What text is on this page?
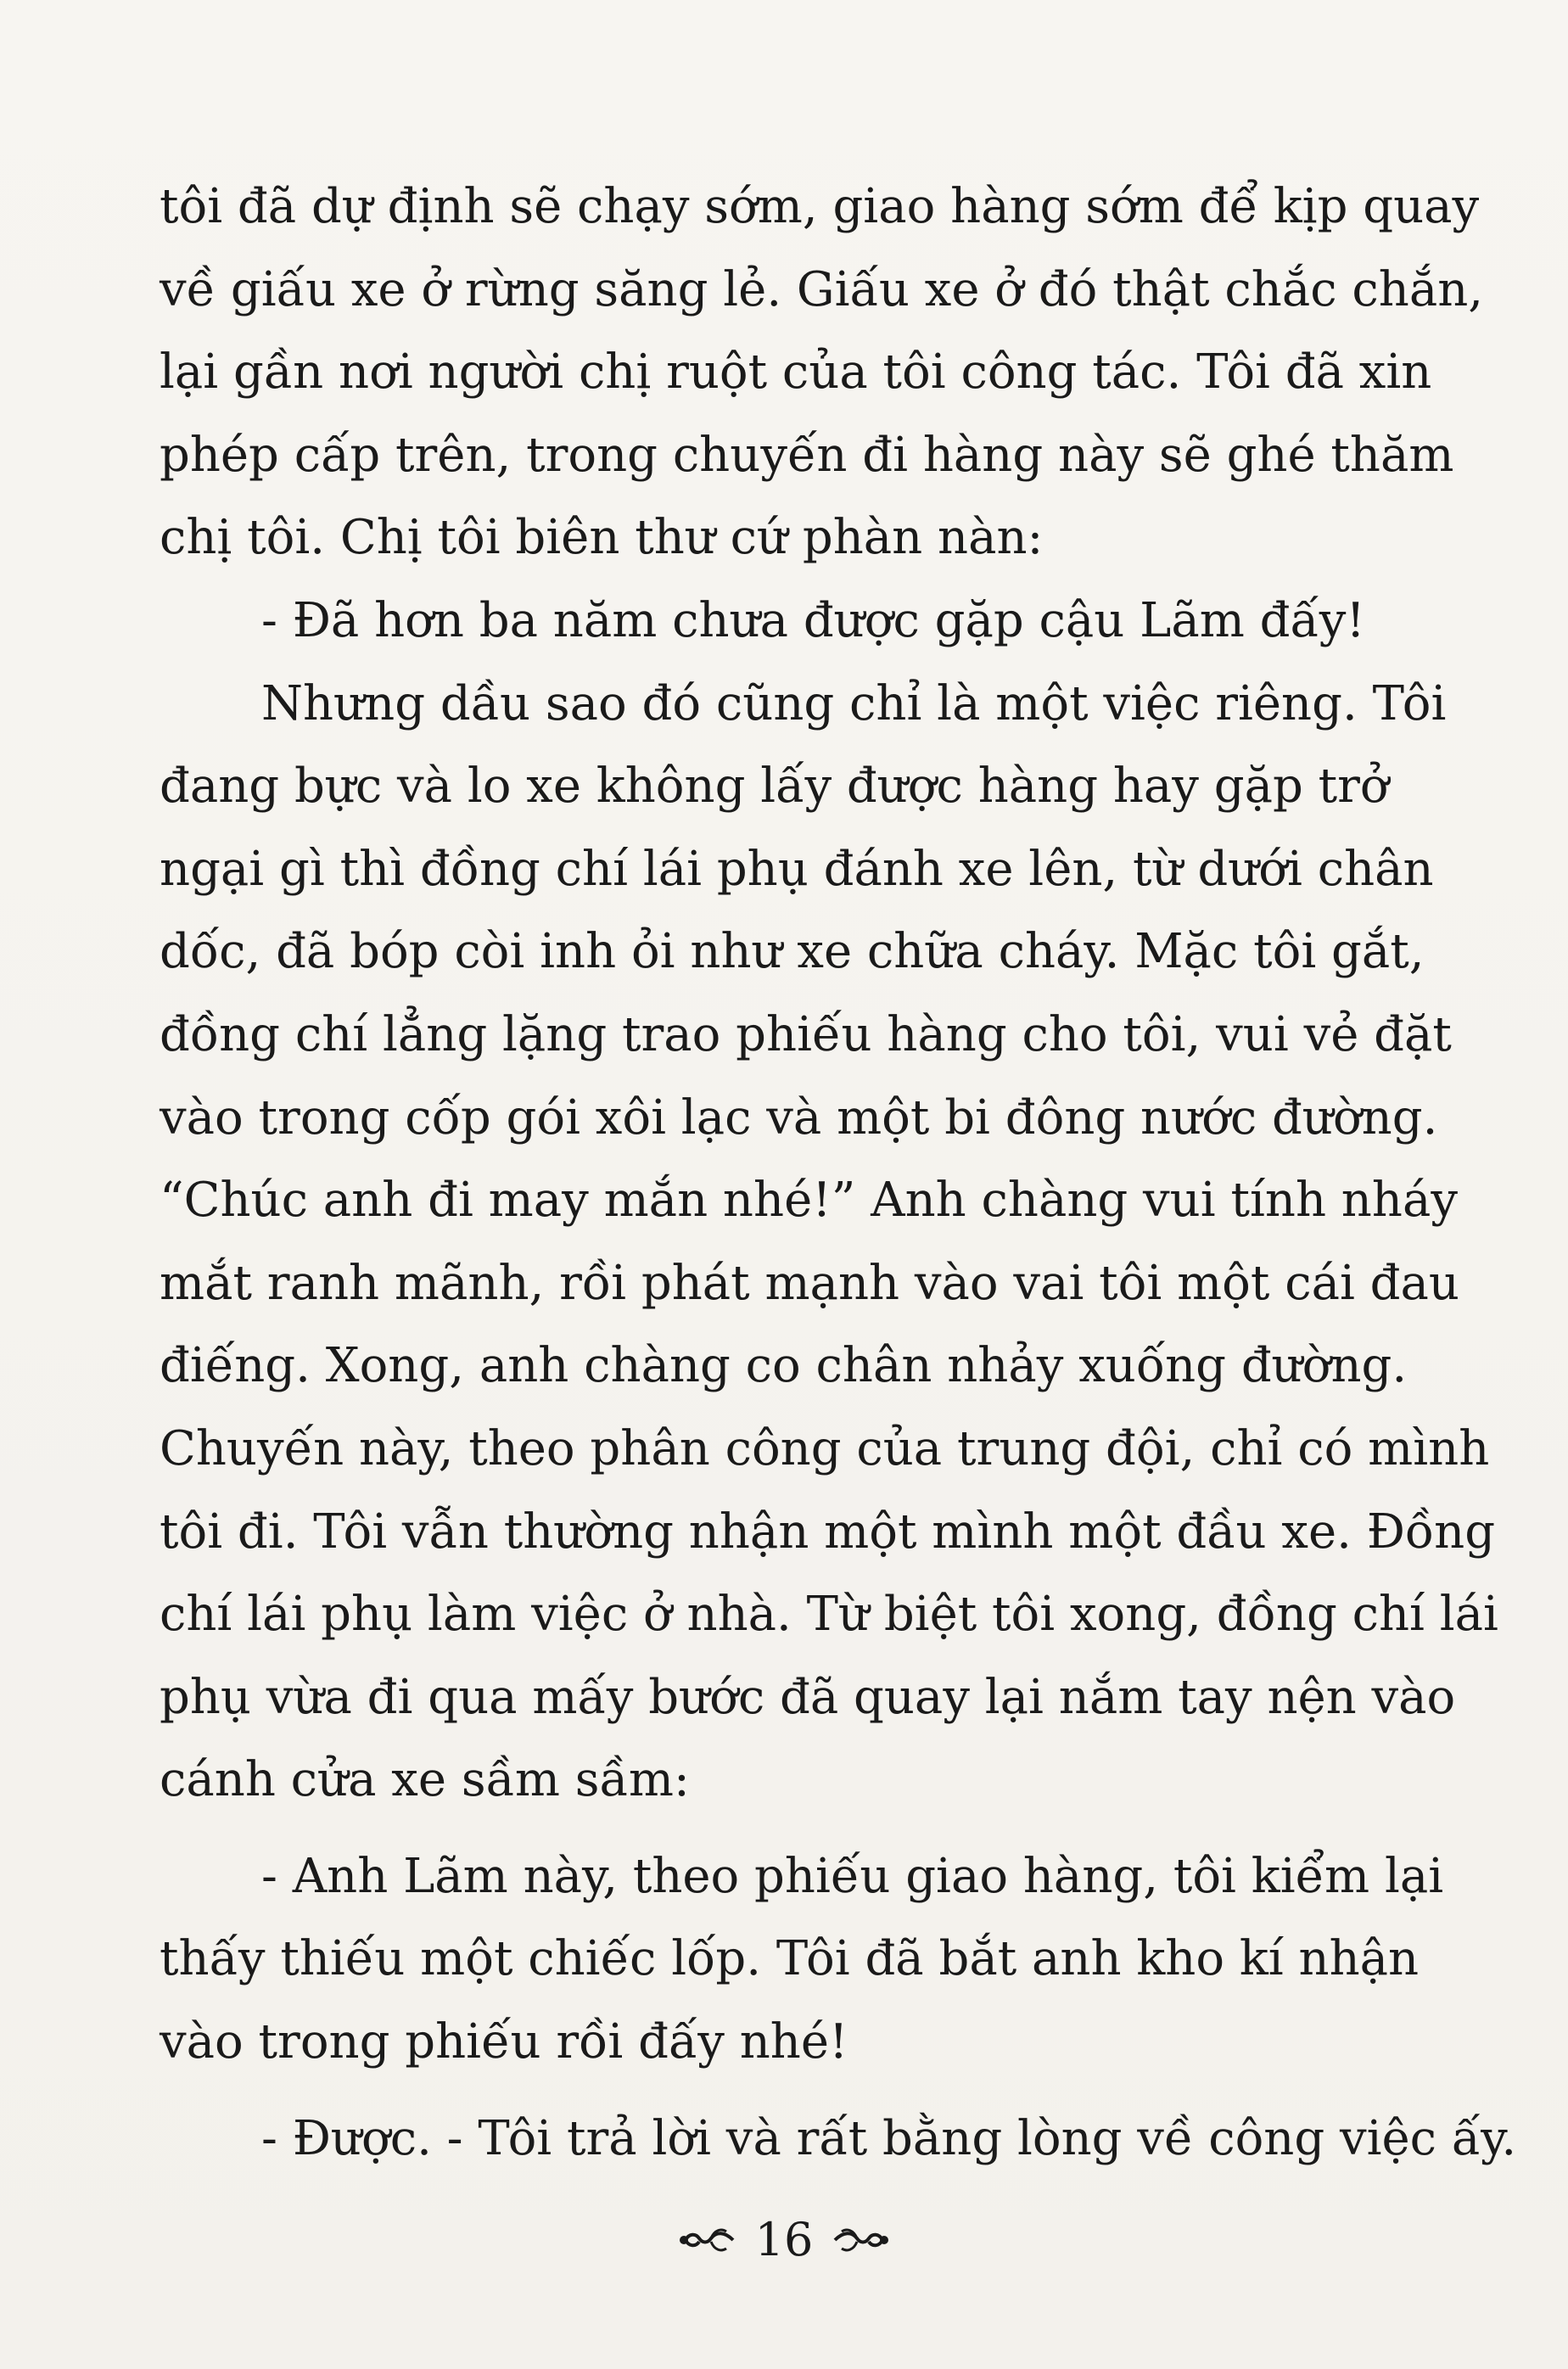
tôi đã dự định sẽ chạy sớm, giao hàng sớm để kịp quay
về giấu xe ở rừng săng lẻ. Giấu xe ở đó thật chắc chắn,
lại gần nơi người chị ruột của tôi công tác. Tôi đã xin
phép cấp trên, trong chuyến đi hàng này sẽ ghé thăm
chị tôi. Chị tôi biên thư cứ phàn nàn:
- Đã hơn ba năm chưa được gặp cậu Lãm đấy!
Nhưng dầu sao đó cũng chỉ là một việc riêng. Tôi
đang bực và lo xe không lấy được hàng hay gặp trở
ngại gì thì đồng chí lái phụ đánh xe lên, từ dưới chân
dốc, đã bóp còi inh ỏi như xe chữa cháy. Mặc tôi gắt,
đồng chí lẳng lặng trao phiếu hàng cho tôi, vui vẻ đặt
vào trong cốp gói xôi lạc và một bi đông nước đường.
“Chúc anh đi may mắn nhé!” Anh chàng vui tính nháy
mắt ranh mãnh, rồi phát mạnh vào vai tôi một cái đau
điếng. Xong, anh chàng co chân nhảy xuống đường.
Chuyến này, theo phân công của trung đội, chỉ có mình
tôi đi. Tôi vẫn thường nhận một mình một đầu xe. Đồng
chí lái phụ làm việc ở nhà. Từ biệt tôi xong, đồng chí lái
phụ vừa đi qua mấy bước đã quay lại nắm tay nện vào
cánh cửa xe sầm sầm:
- Anh Lãm này, theo phiếu giao hàng, tôi kiểm lại
thấy thiếu một chiếc lốp. Tôi đã bắt anh kho kí nhận
vào trong phiếu rồi đấy nhé!
- Được. - Tôi trả lời và rất bằng lòng về công việc ấy.
16
